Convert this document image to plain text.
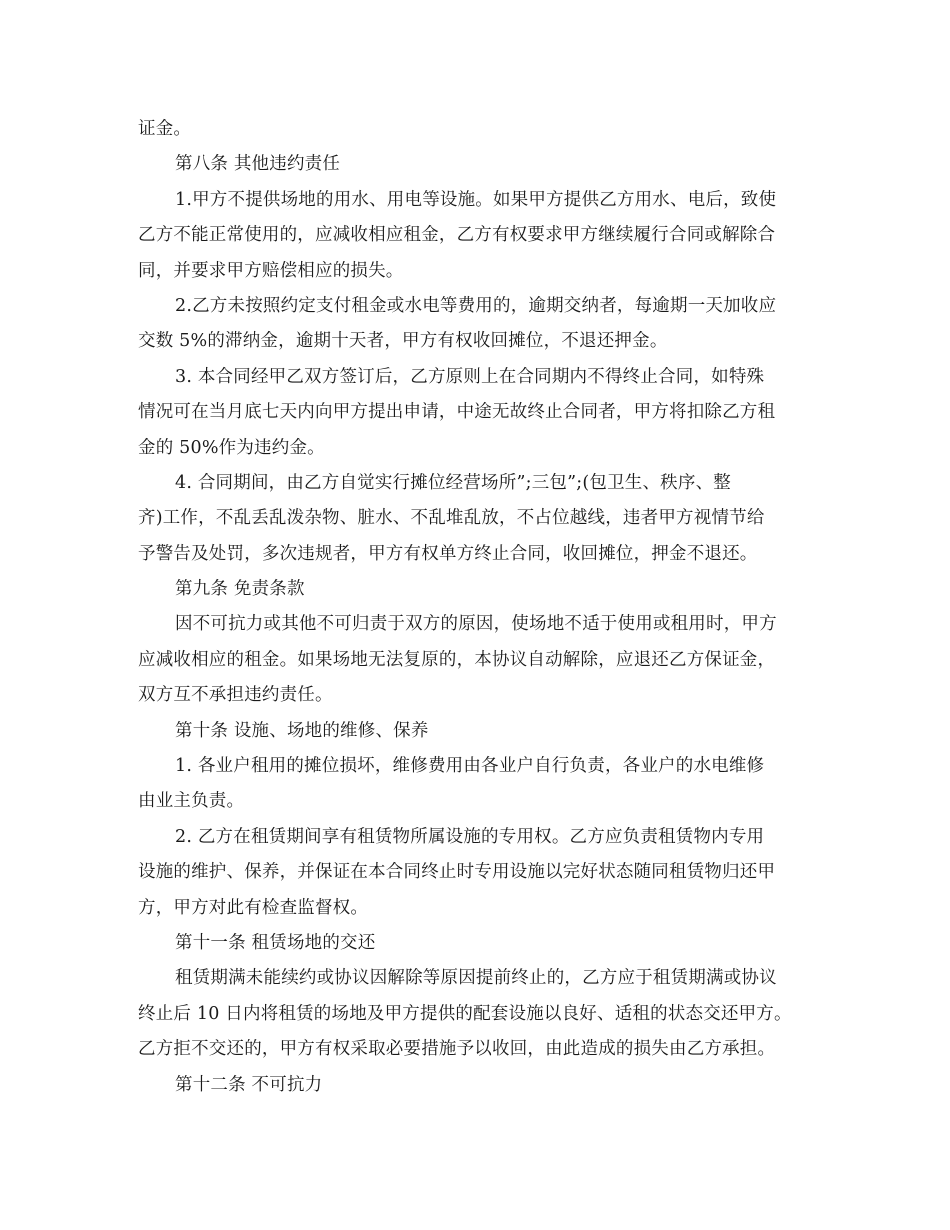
证金。
第八条 其他违约责任
1.甲方不提供场地的用水、用电等设施。如果甲方提供乙方用水、电后，致使
乙方不能正常使用的，应减收相应租金，乙方有权要求甲方继续履行合同或解除合
同，并要求甲方赔偿相应的损失。
2.乙方未按照约定支付租金或水电等费用的，逾期交纳者，每逾期一天加收应
交数 5%的滞纳金，逾期十天者，甲方有权收回摊位，不退还押金。
3. 本合同经甲乙双方签订后，乙方原则上在合同期内不得终止合同，如特殊
情况可在当月底七天内向甲方提出申请，中途无故终止合同者，甲方将扣除乙方租
金的 50%作为违约金。
4. 合同期间，由乙方自觉实行摊位经营场所”;三包”;(包卫生、秩序、整
齐)工作，不乱丢乱泼杂物、脏水、不乱堆乱放，不占位越线，违者甲方视情节给
予警告及处罚，多次违规者，甲方有权单方终止合同，收回摊位，押金不退还。
第九条 免责条款
因不可抗力或其他不可归责于双方的原因，使场地不适于使用或租用时，甲方
应减收相应的租金。如果场地无法复原的，本协议自动解除，应退还乙方保证金，
双方互不承担违约责任。
第十条 设施、场地的维修、保养
1. 各业户租用的摊位损坏，维修费用由各业户自行负责，各业户的水电维修
由业主负责。
2. 乙方在租赁期间享有租赁物所属设施的专用权。乙方应负责租赁物内专用
设施的维护、保养，并保证在本合同终止时专用设施以完好状态随同租赁物归还甲
方，甲方对此有检查监督权。
第十一条 租赁场地的交还
租赁期满未能续约或协议因解除等原因提前终止的，乙方应于租赁期满或协议
终止后 10 日内将租赁的场地及甲方提供的配套设施以良好、适租的状态交还甲方。
乙方拒不交还的，甲方有权采取必要措施予以收回，由此造成的损失由乙方承担。
第十二条 不可抗力
